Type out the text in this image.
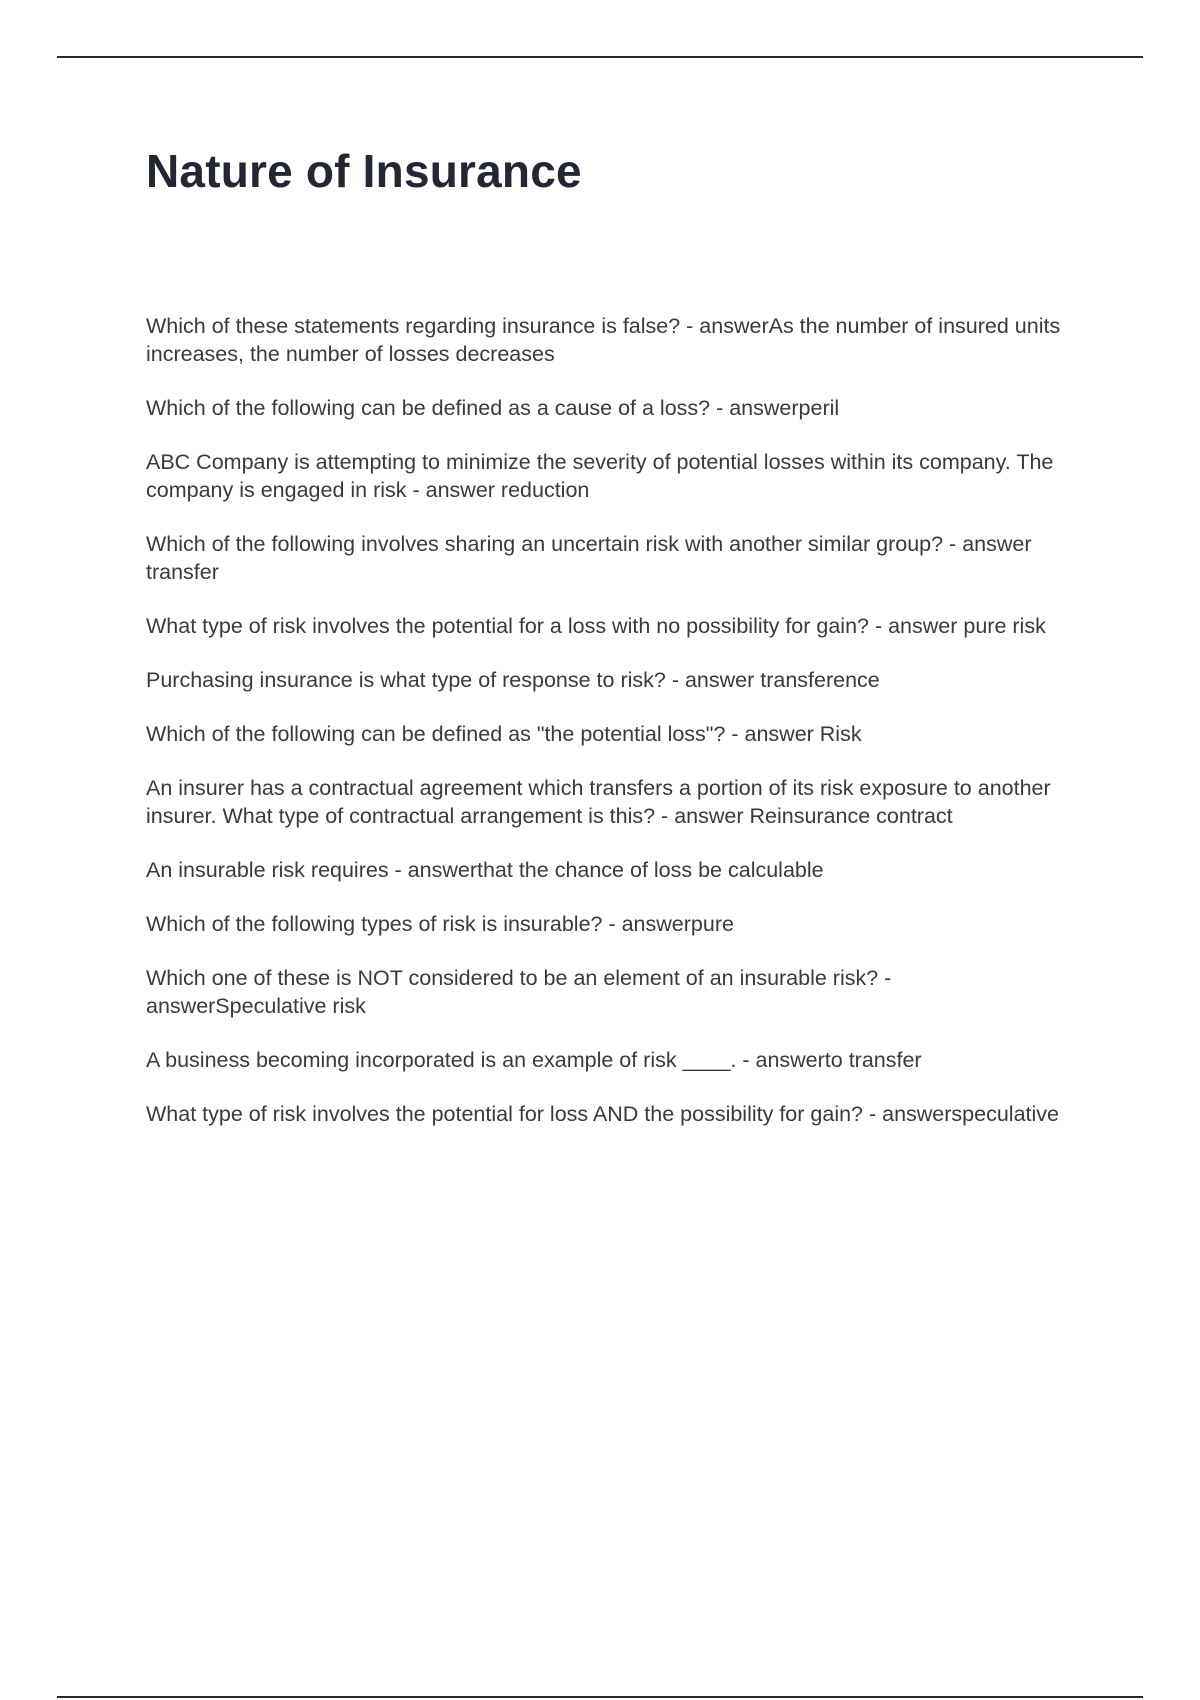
Nature of Insurance
Which of these statements regarding insurance is false? - answerAs the number of insured units increases, the number of losses decreases
Which of the following can be defined as a cause of a loss? - answerperil
ABC Company is attempting to minimize the severity of potential losses within its company. The company is engaged in risk - answer reduction
Which of the following involves sharing an uncertain risk with another similar group? - answer transfer
What type of risk involves the potential for a loss with no possibility for gain? - answer pure risk
Purchasing insurance is what type of response to risk? - answer transference
Which of the following can be defined as "the potential loss"? - answer Risk
An insurer has a contractual agreement which transfers a portion of its risk exposure to another insurer. What type of contractual arrangement is this? - answer Reinsurance contract
An insurable risk requires - answerthat the chance of loss be calculable
Which of the following types of risk is insurable? - answerpure
Which one of these is NOT considered to be an element of an insurable risk? - answerSpeculative risk
A business becoming incorporated is an example of risk ____. - answerto transfer
What type of risk involves the potential for loss AND the possibility for gain? - answerspeculative
